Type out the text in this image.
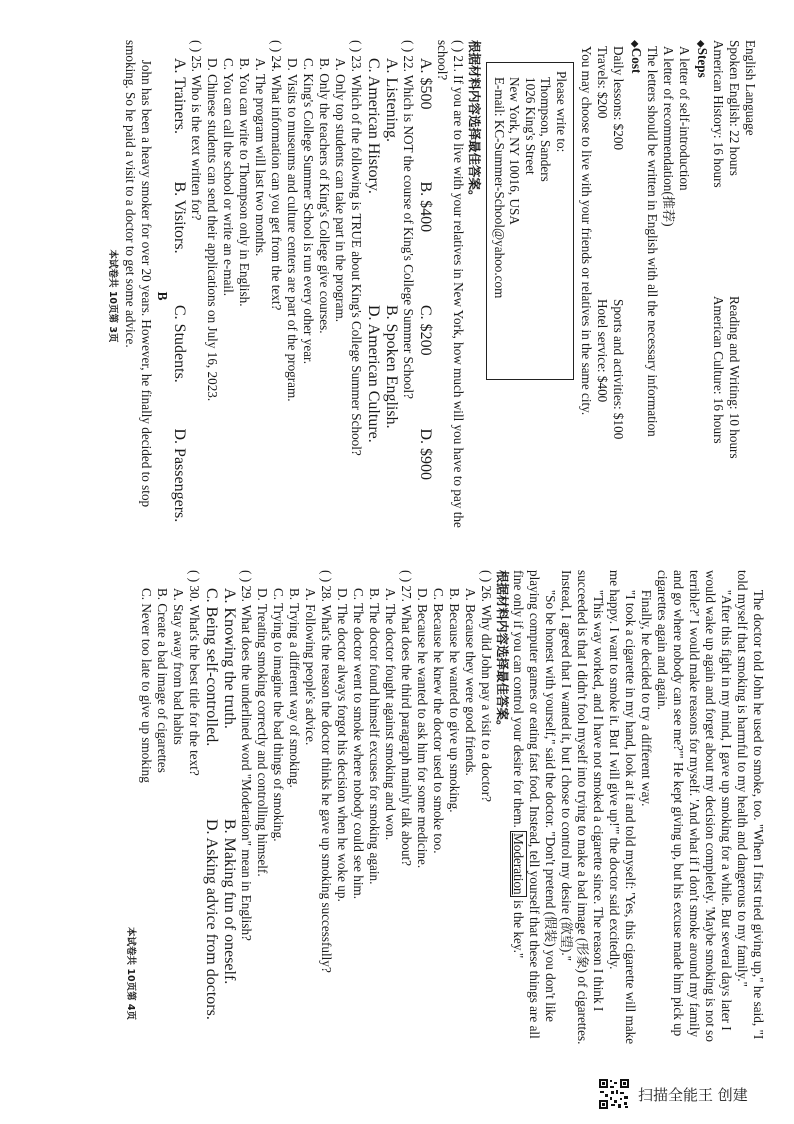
English Language

Spoken English: 22 hours

Reading and Writing: 10 hours

American History: 16 hours

American Culture: 16 hours

◆Steps

A letter of self-introduction

A letter of recommendation(推荐)

The letters should be written in English with all the necessary information

◆Cost

Daily lessons: $200

Sports and activities: $100

Travels: $200

Hotel service: $400

You may choose to live with your friends or relatives in the same city.

Please write to:

Thompson, Sanders

1026 King's Street

New York, NY 10016, USA

E-mail: KC-Summer-School@yahoo.com

根据材料内容选择最佳答案。

( ) 21. If you are to live with your relatives in New York, how much will you have to pay the school?

A. $500
B. $400
C. $200
D. $900

( ) 22. Which is NOT the course of King's College Summer School?

A. Listening.
B. Spoken English.
C. American History.
D. American Culture.

( ) 23. Which of the following is TRUE about King's College Summer School?

A. Only top students can take part in the program.

B. Only the teachers of King's College give courses.

C. King's College Summer School is run every other year.

D. Visits to museums and culture centers are part of the program.

( ) 24. What information can you get from the text?

A. The program will last two months.

B. You can write to Thompson only in English.

C. You can call the school or write an e-mail.

D. Chinese students can send their applications on July 16, 2023.

( ) 25. Who is the text written for?

A. Trainers.
B. Visitors.
C. Students.
D. Passengers.

B

John has been a heavy smoker for over 20 years. However, he finally decided to stop smoking. So he paid a visit to a doctor to get some advice.

本试卷共 10页第 3页

The doctor told John he used to smoke, too. "When I first tried giving up," he said, "I told myself that smoking is harmful to my health and dangerous to my family."

"After this fight in my mind, I gave up smoking for a while. But several days later I would wake up again and forget about my decision completely. 'Maybe smoking is not so terrible?' I would make reasons for myself. 'And what if I don't smoke around my family and go where nobody can see me?'" He kept giving up, but his excuse made him pick up cigarettes again and again.

Finally, he decided to try a different way.

"I took a cigarette in my hand, look at it and told myself: 'Yes, this cigarette will make me happy. I want to smoke it. But I will give up!'" the doctor said excitedly.

"This way worked, and I have not smoked a cigarette since. The reason I think I succeeded is that I didn't fool myself into trying to make a bad image (形象) of cigarettes. Instead, I agreed that I wanted it, but I chose to control my desire (欲望)."

"So be honest with yourself," said the doctor. "Don't pretend (假装) you don't like playing computer games or eating fast food. Instead, tell yourself that these things are all fine only if you can control your desire for them. Moderation is the key."

根据材料内容选择最佳答案。

( ) 26. Why did John pay a visit to a doctor?

A. Because they were good friends.

B. Because he wanted to give up smoking.

C. Because he knew the doctor used to smoke too.

D. Because he wanted to ask him for some medicine.

( ) 27. What does the third paragraph mainly talk about?

A. The doctor fought against smoking and won.

B. The doctor found himself excuses for smoking again.

C. The doctor went to smoke where nobody could see him.

D. The doctor always forgot his decision when he woke up.

( ) 28. What's the reason the doctor thinks he gave up smoking successfully?

A. Following people's advice.

B. Trying a different way of smoking.

C. Trying to imagine the bad things of smoking.

D. Treating smoking correctly and controlling himself.

( ) 29. What does the underlined word "Moderation" mean in English?

A. Knowing the truth.
B. Making fun of oneself.
C. Being self-controlled.
D. Asking advice from doctors.

( ) 30. What's the best title for the text?

A. Stay away from bad habits

B. Create a bad image of cigarettes

C. Never too late to give up smoking

本试卷共 10页第 4页

扫描全能王 创建
